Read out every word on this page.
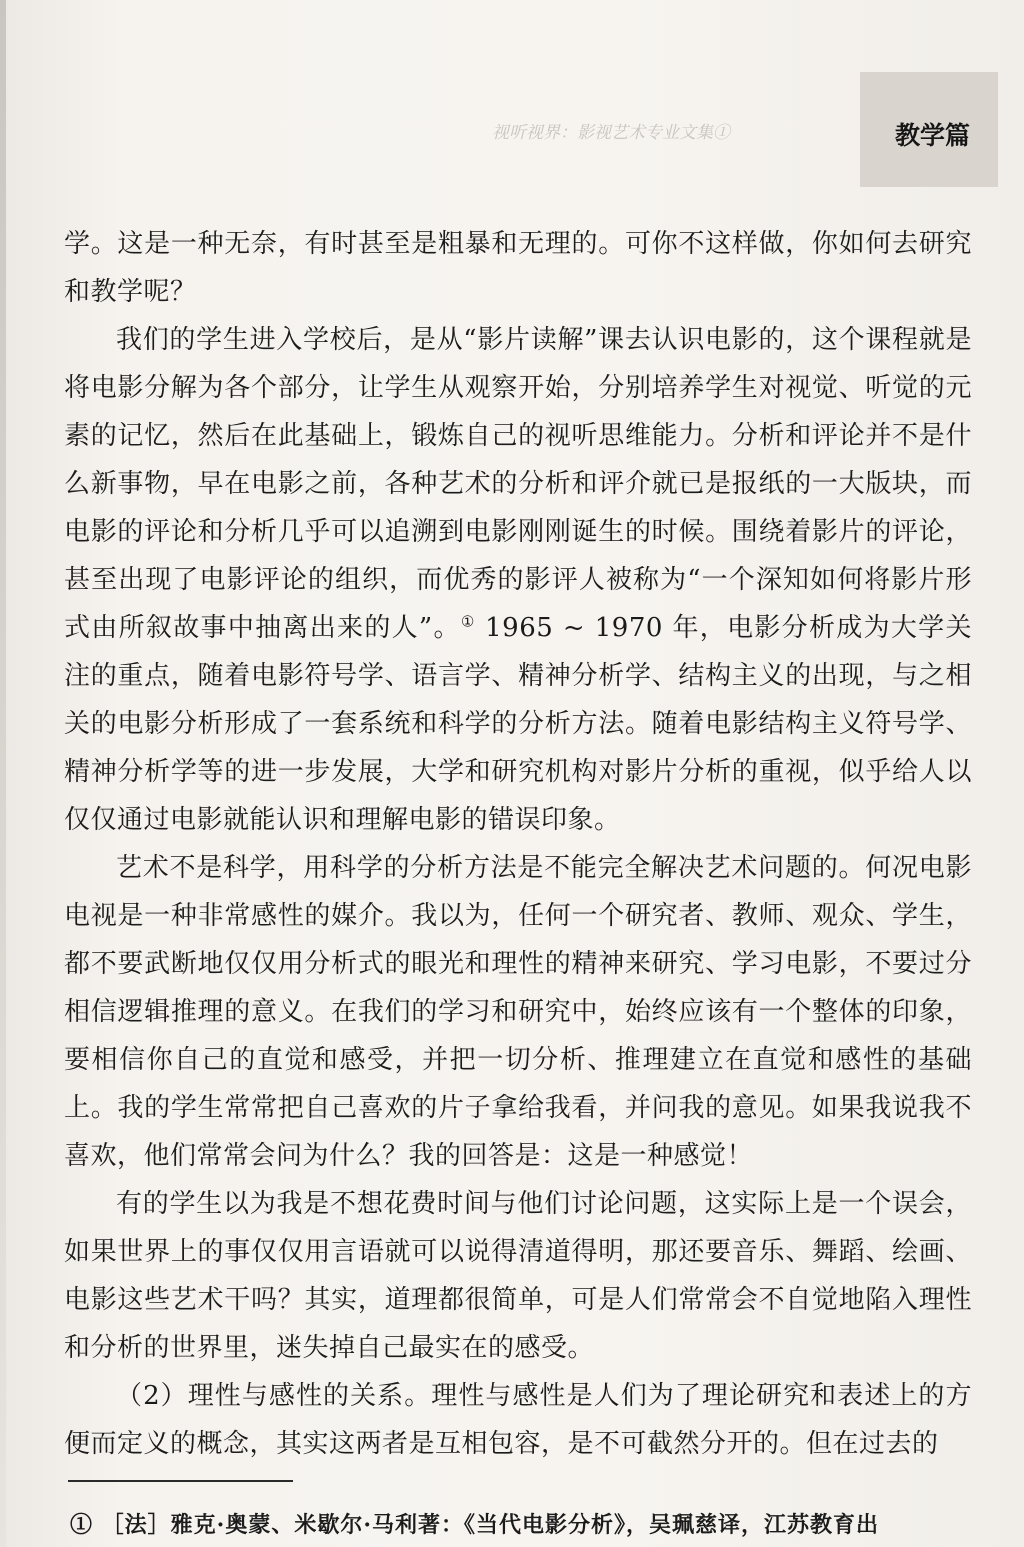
视听视界：影视艺术专业文集①	教学篇

学。这是一种无奈，有时甚至是粗暴和无理的。可你不这样做，你如何去研究和教学呢？

我们的学生进入学校后，是从“影片读解”课去认识电影的，这个课程就是将电影分解为各个部分，让学生从观察开始，分别培养学生对视觉、听觉的元素的记忆，然后在此基础上，锻炼自己的视听思维能力。分析和评论并不是什么新事物，早在电影之前，各种艺术的分析和评介就已是报纸的一大版块，而电影的评论和分析几乎可以追溯到电影刚刚诞生的时候。围绕着影片的评论，甚至出现了电影评论的组织，而优秀的影评人被称为“一个深知如何将影片形式由所叙故事中抽离出来的人”。① 1965 ~ 1970 年，电影分析成为大学关注的重点，随着电影符号学、语言学、精神分析学、结构主义的出现，与之相关的电影分析形成了一套系统和科学的分析方法。随着电影结构主义符号学、精神分析学等的进一步发展，大学和研究机构对影片分析的重视，似乎给人以仅仅通过电影就能认识和理解电影的错误印象。

艺术不是科学，用科学的分析方法是不能完全解决艺术问题的。何况电影电视是一种非常感性的媒介。我以为，任何一个研究者、教师、观众、学生，都不要武断地仅仅用分析式的眼光和理性的精神来研究、学习电影，不要过分相信逻辑推理的意义。在我们的学习和研究中，始终应该有一个整体的印象，要相信你自己的直觉和感受，并把一切分析、推理建立在直觉和感性的基础上。我的学生常常把自己喜欢的片子拿给我看，并问我的意见。如果我说我不喜欢，他们常常会问为什么？我的回答是：这是一种感觉！

有的学生以为我是不想花费时间与他们讨论问题，这实际上是一个误会，如果世界上的事仅仅用言语就可以说得清道得明，那还要音乐、舞蹈、绘画、电影这些艺术干吗？其实，道理都很简单，可是人们常常会不自觉地陷入理性和分析的世界里，迷失掉自己最实在的感受。

（2）理性与感性的关系。理性与感性是人们为了理论研究和表述上的方便而定义的概念，其实这两者是互相包容，是不可截然分开的。但在过去的

① ［法］雅克·奥蒙、米歇尔·马利著：《当代电影分析》，吴珮慈译，江苏教育出
